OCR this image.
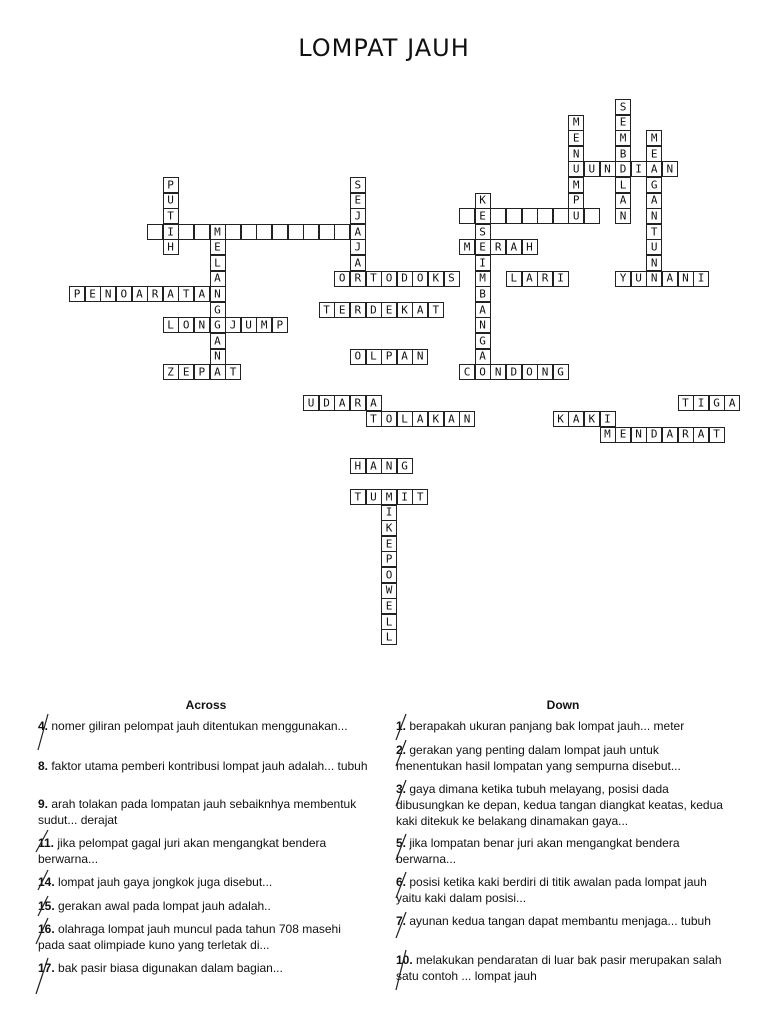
LOMPAT JAUH
S
E
M
B
D
L
A
N
M
E
N
U
M
P
U
M
E
A
G
A
N
T
U
N
N
U N	I	N
P
U
T
I
H
S
E
J
A
J
A
K
E
S
E
I
M
B
A
N
G
A
O
M
E
L
A
N
G
G
A
N
M	R A H
O R T O D O K S	L A R I	Y U	A N I
P E N O A R A T A
T E R D E K A T
L O N	J U M P
O L P A N
Z E P A T	C	N D O N G
U D A R A	T I G A
T O L A K A N	K A K I
M E N D A R A T
H A N G
T U M I T
I
K
E
P
O
W
E
L
L
Across	Down
4. nomer giliran pelompat jauh ditentukan menggunakan...
8. faktor utama pemberi kontribusi lompat jauh adalah... tubuh
9. arah tolakan pada lompatan jauh sebaiknhya membentuk sudut... derajat
11. jika pelompat gagal juri akan mengangkat bendera berwarna...
14. lompat jauh gaya jongkok juga disebut...
15. gerakan awal pada lompat jauh adalah..
16. olahraga lompat jauh muncul pada tahun 708 masehi pada saat olimpiade kuno yang terletak di...
17. bak pasir biasa digunakan dalam bagian...
1. berapakah ukuran panjang bak lompat jauh... meter
2. gerakan yang penting dalam lompat jauh untuk menentukan hasil lompatan yang sempurna disebut...
3. gaya dimana ketika tubuh melayang, posisi dada dibusungkan ke depan, kedua tangan diangkat keatas, kedua kaki ditekuk ke belakang dinamakan gaya...
5. jika lompatan benar juri akan mengangkat bendera berwarna...
6. posisi ketika kaki berdiri di titik awalan pada lompat jauh yaitu kaki dalam posisi...
7. ayunan kedua tangan dapat membantu menjaga... tubuh
10. melakukan pendaratan di luar bak pasir merupakan salah satu contoh ... lompat jauh
